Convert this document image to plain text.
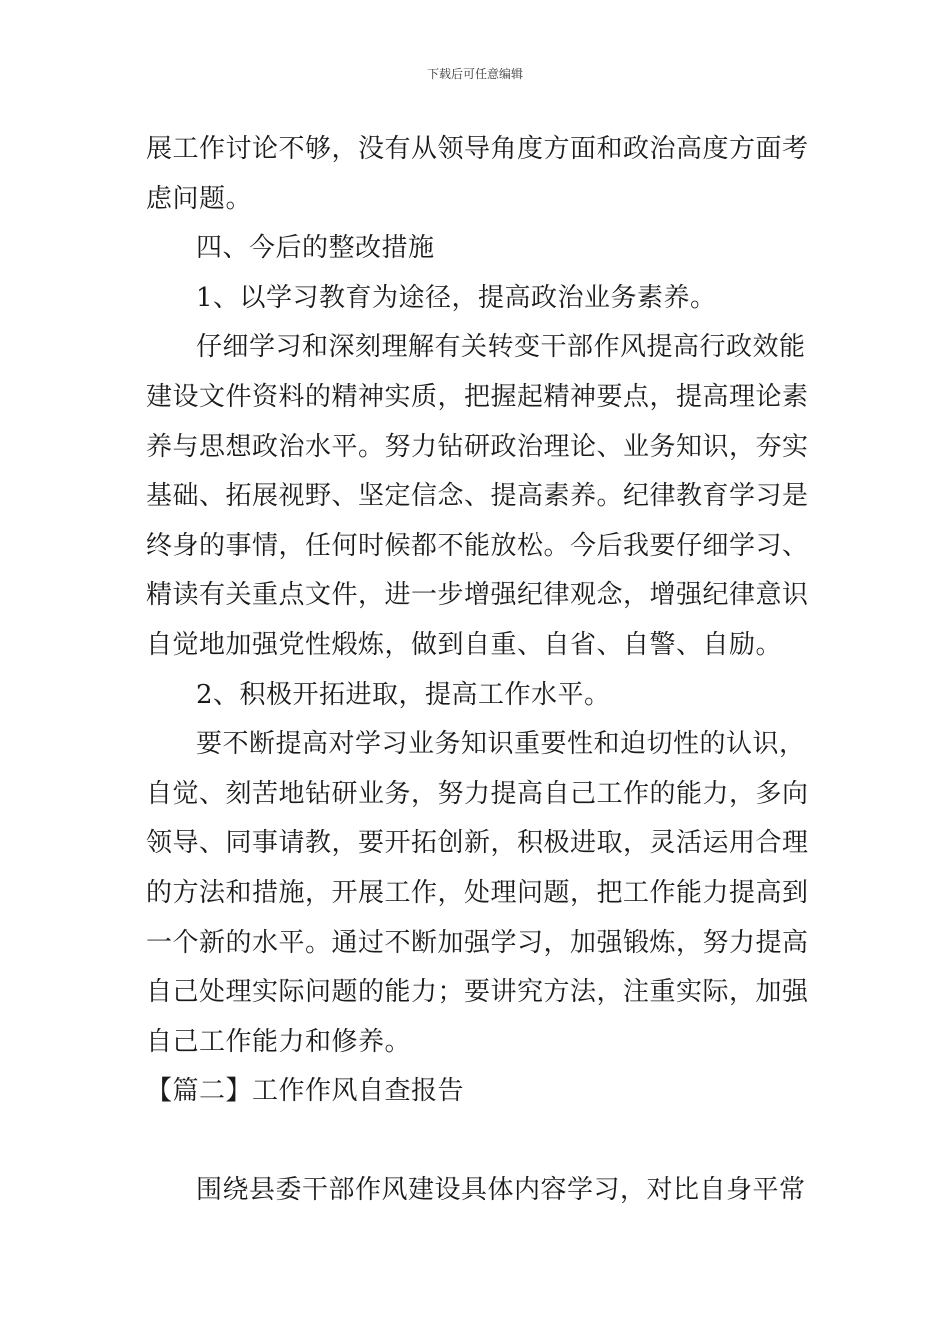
下载后可任意编辑
展工作讨论不够，没有从领导角度方面和政治高度方面考
虑问题。
四、今后的整改措施
1、以学习教育为途径，提高政治业务素养。
仔细学习和深刻理解有关转变干部作风提高行政效能
建设文件资料的精神实质，把握起精神要点，提高理论素
养与思想政治水平。努力钻研政治理论、业务知识，夯实
基础、拓展视野、坚定信念、提高素养。纪律教育学习是
终身的事情，任何时候都不能放松。今后我要仔细学习、
精读有关重点文件，进一步增强纪律观念，增强纪律意识
自觉地加强党性煅炼，做到自重、自省、自警、自励。
2、积极开拓进取，提高工作水平。
要不断提高对学习业务知识重要性和迫切性的认识，
自觉、刻苦地钻研业务，努力提高自己工作的能力，多向
领导、同事请教，要开拓创新，积极进取，灵活运用合理
的方法和措施，开展工作，处理问题，把工作能力提高到
一个新的水平。通过不断加强学习，加强锻炼，努力提高
自己处理实际问题的能力；要讲究方法，注重实际，加强
自己工作能力和修养。
【篇二】工作作风自查报告
围绕县委干部作风建设具体内容学习，对比自身平常
